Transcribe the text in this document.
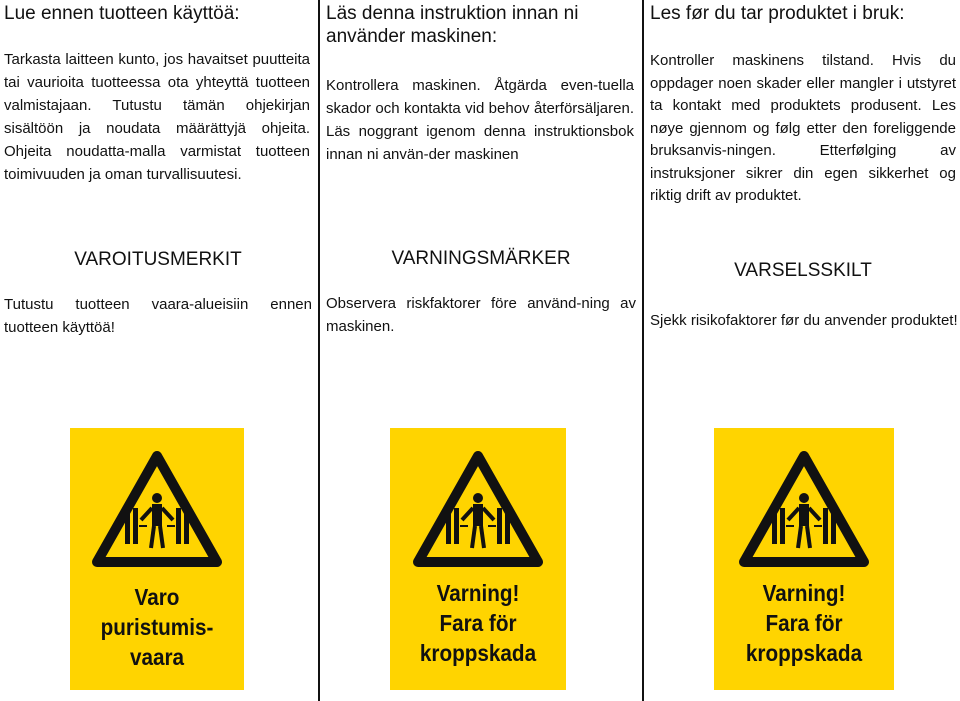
Lue ennen tuotteen käyttöä:

Tarkasta laitteen kunto, jos havaitset puutteita tai vaurioita tuotteessa ota yhteyttä tuotteen valmistajaan. Tutustu tämän ohjekirjan sisältöön ja noudata määrättyjä ohjeita. Ohjeita noudatta-malla varmistat tuotteen toimivuuden ja oman turvallisuutesi.

VAROITUSMERKIT

Tutustu tuotteen vaara-alueisiin ennen tuotteen käyttöä!

Varo
puristumis-
vaara
Läs denna instruktion innan ni använder maskinen:

Kontrollera maskinen. Åtgärda even-tuella skador och kontakta vid behov återförsäljaren. Läs noggrant igenom denna instruktionsbok innan ni använ-der maskinen

VARNINGSMÄRKER

Observera riskfaktorer före använd-ning av maskinen.

Varning!
Fara för
kroppskada
Les før du tar produktet i bruk:

Kontroller maskinens tilstand. Hvis du oppdager noen skader eller mangler i utstyret ta kontakt med produktets produsent. Les nøye gjennom og følg etter den foreliggende bruksanvis-ningen. Etterfølging av instruksjoner sikrer din egen sikkerhet og riktig drift av produktet.

VARSELSSKILT

Sjekk risikofaktorer før du anvender produktet!

Varning!
Fara för
kroppskada
